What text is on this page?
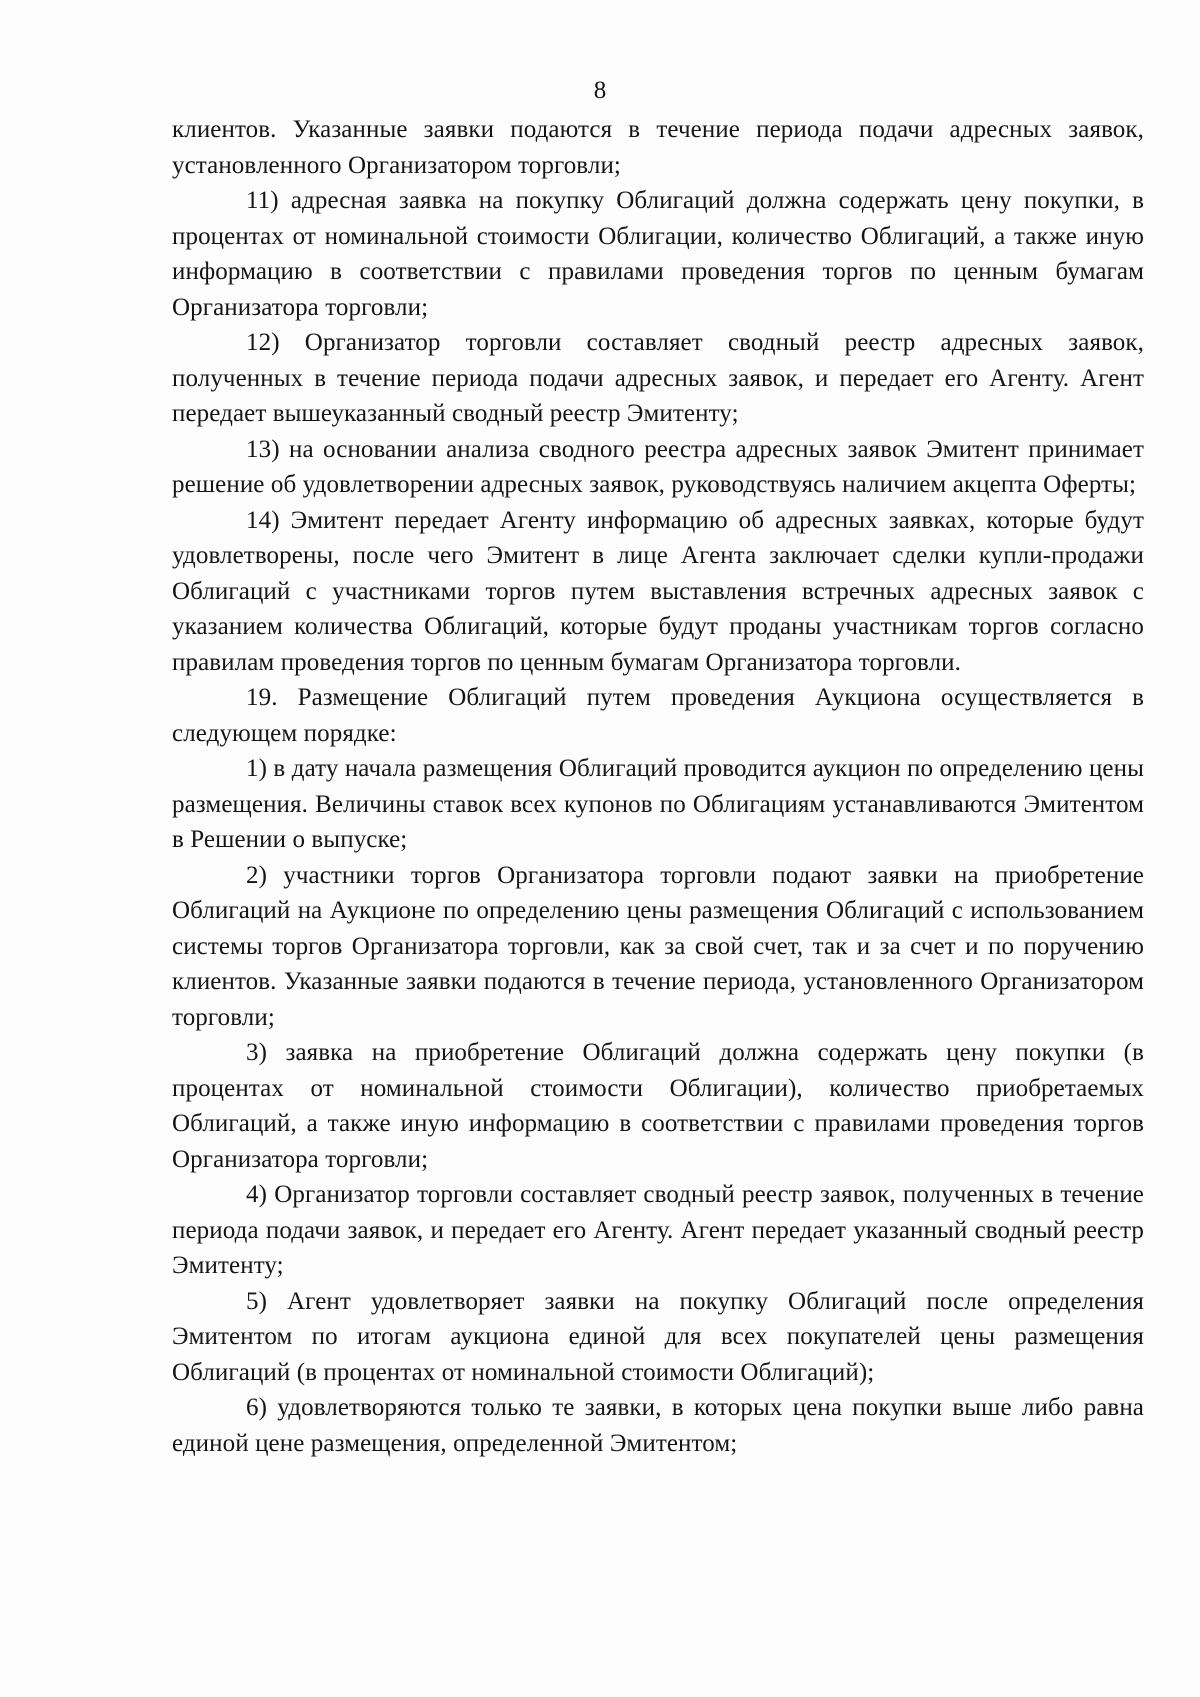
8

клиентов. Указанные заявки подаются в течение периода подачи адресных заявок, установленного Организатором торговли;

11) адресная заявка на покупку Облигаций должна содержать цену покупки, в процентах от номинальной стоимости Облигации, количество Облигаций, а также иную информацию в соответствии с правилами проведения торгов по ценным бумагам Организатора торговли;

12) Организатор торговли составляет сводный реестр адресных заявок, полученных в течение периода подачи адресных заявок, и передает его Агенту. Агент передает вышеуказанный сводный реестр Эмитенту;

13) на основании анализа сводного реестра адресных заявок Эмитент принимает решение об удовлетворении адресных заявок, руководствуясь наличием акцепта Оферты;

14) Эмитент передает Агенту информацию об адресных заявках, которые будут удовлетворены, после чего Эмитент в лице Агента заключает сделки купли-продажи Облигаций с участниками торгов путем выставления встречных адресных заявок с указанием количества Облигаций, которые будут проданы участникам торгов согласно правилам проведения торгов по ценным бумагам Организатора торговли.

19. Размещение Облигаций путем проведения Аукциона осуществляется в следующем порядке:

1) в дату начала размещения Облигаций проводится аукцион по определению цены размещения. Величины ставок всех купонов по Облигациям устанавливаются Эмитентом в Решении о выпуске;

2) участники торгов Организатора торговли подают заявки на приобретение Облигаций на Аукционе по определению цены размещения Облигаций с использованием системы торгов Организатора торговли, как за свой счет, так и за счет и по поручению клиентов. Указанные заявки подаются в течение периода, установленного Организатором торговли;

3) заявка на приобретение Облигаций должна содержать цену покупки (в процентах от номинальной стоимости Облигации), количество приобретаемых Облигаций, а также иную информацию в соответствии с правилами проведения торгов Организатора торговли;

4) Организатор торговли составляет сводный реестр заявок, полученных в течение периода подачи заявок, и передает его Агенту. Агент передает указанный сводный реестр Эмитенту;

5) Агент удовлетворяет заявки на покупку Облигаций после определения Эмитентом по итогам аукциона единой для всех покупателей цены размещения Облигаций (в процентах от номинальной стоимости Облигаций);

6) удовлетворяются только те заявки, в которых цена покупки выше либо равна единой цене размещения, определенной Эмитентом;
